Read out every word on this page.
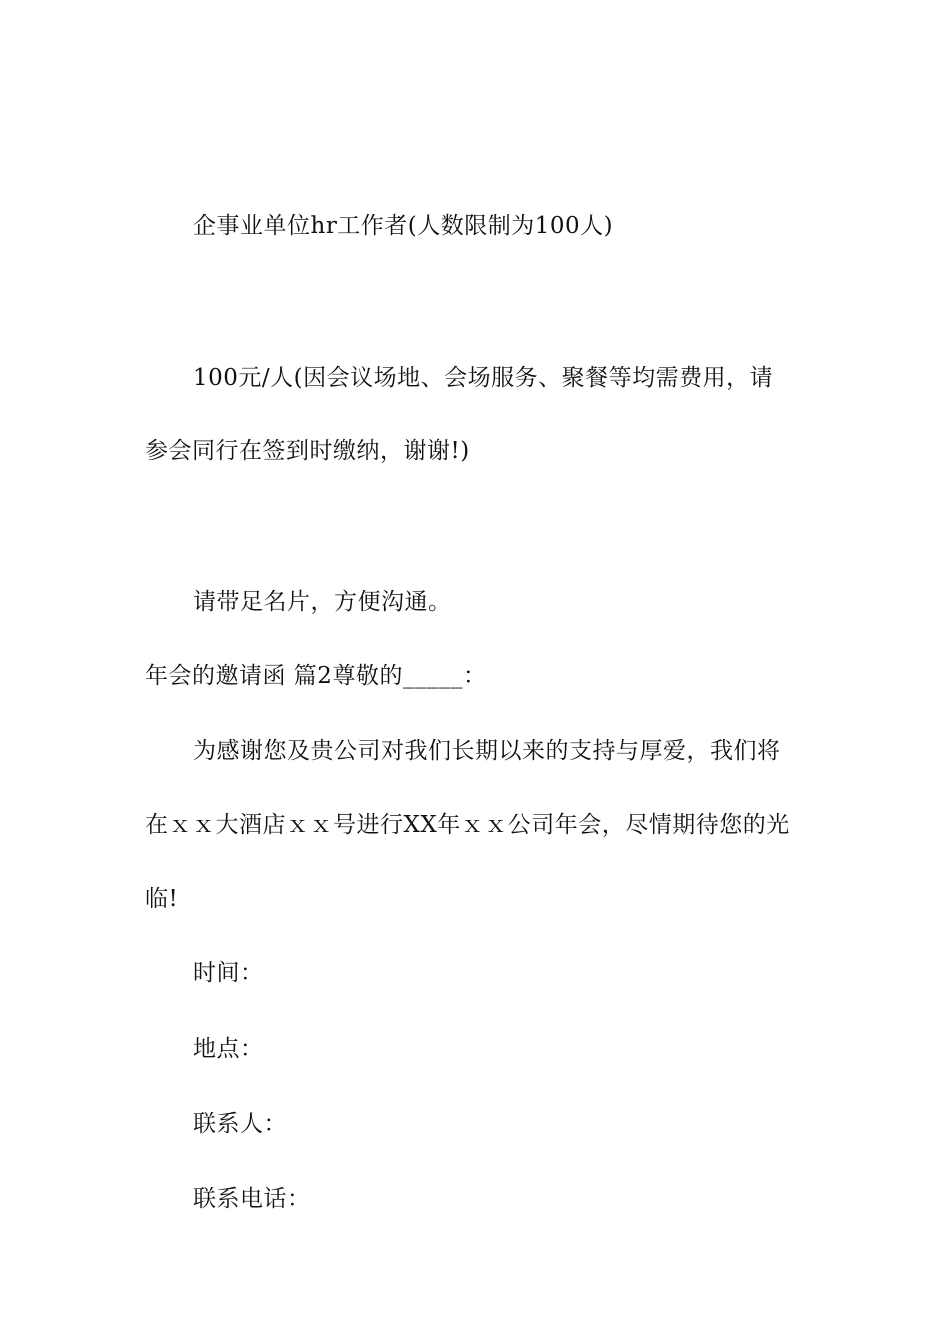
企事业单位hr工作者(人数限制为100人)
100元/人(因会议场地、会场服务、聚餐等均需费用，请
参会同行在签到时缴纳，谢谢!)
请带足名片，方便沟通。
年会的邀请函 篇2尊敬的_____：
为感谢您及贵公司对我们长期以来的支持与厚爱，我们将
在ｘｘ大酒店ｘｘ号进行XX年ｘｘ公司年会，尽情期待您的光
临!
时间：
地点：
联系人：
联系电话：
